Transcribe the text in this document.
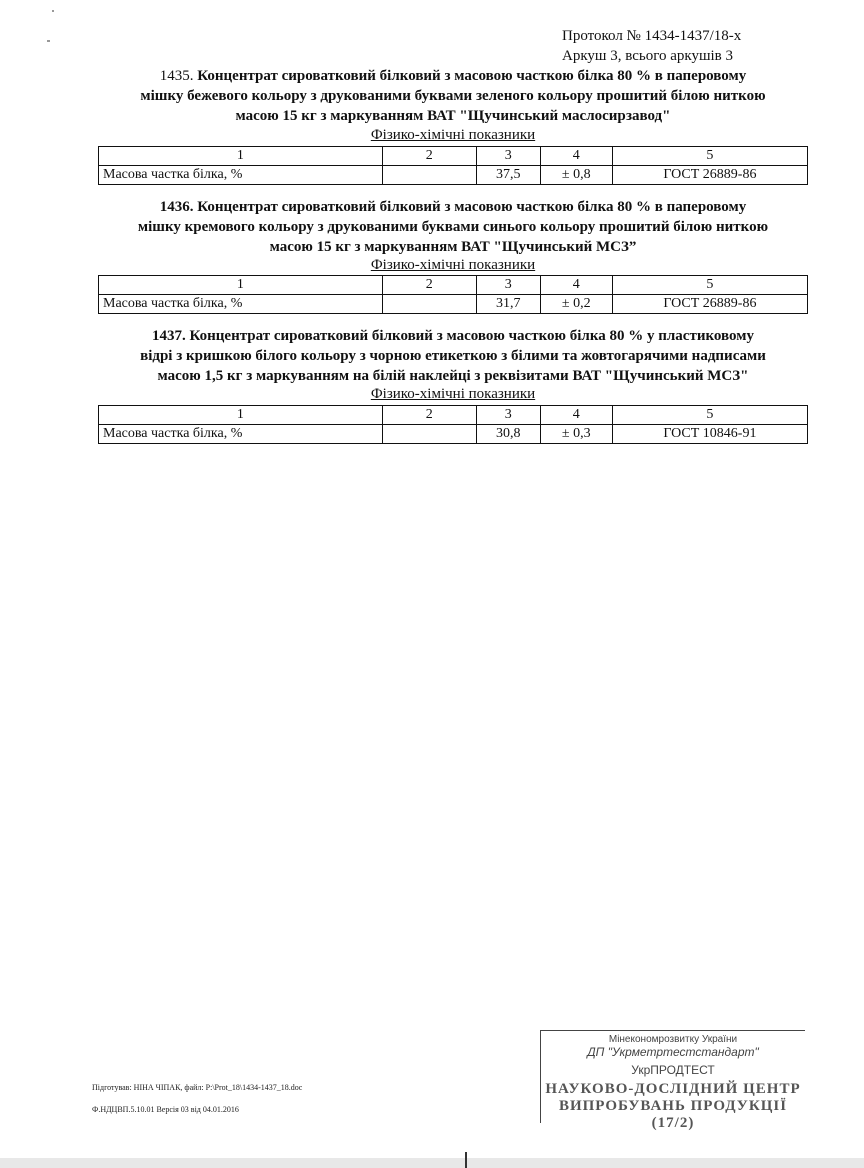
Протокол № 1434-1437/18-х
Аркуш 3, всього аркушів 3
1435. Концентрат сироватковий білковий з масовою часткою білка 80 % в паперовому
мішку бежевого кольору з друкованими буквами зеленого кольору прошитий білою ниткою
масою 15 кг з маркуванням ВАТ "Щучинський маслосирзавод"
Фізико-хімічні показники
1	2	3	4	5
Масова частка білка, %		37,5	± 0,8	ГОСТ 26889-86
1436. Концентрат сироватковий білковий з масовою часткою білка 80 % в паперовому
мішку кремового кольору з друкованими буквами синього кольору прошитий білою ниткою
масою 15 кг з маркуванням ВАТ "Щучинський МСЗ”
Фізико-хімічні показники
1	2	3	4	5
Масова частка білка, %		31,7	± 0,2	ГОСТ 26889-86
1437. Концентрат сироватковий білковий з масовою часткою білка 80 % у пластиковому
відрі з кришкою білого кольору з чорною етикеткою з білими та жовтогарячими надписами
масою 1,5 кг з маркуванням на білій наклейці з реквізитами ВАТ "Щучинський МСЗ"
Фізико-хімічні показники
1	2	3	4	5
Масова частка білка, %		30,8	± 0,3	ГОСТ 10846-91
Підготував: НІНА ЧІПАК, файл: P:\Prot_18\1434-1437_18.doc
Ф.НДЦВП.5.10.01 Версія 03 від 04.01.2016
Мінекономрозвитку України
ДП "Укрметртестстандарт"
УкрПРОДТЕСТ
НАУКОВО-ДОСЛІДНИЙ ЦЕНТР
ВИПРОБУВАНЬ ПРОДУКЦІЇ (17/2)
